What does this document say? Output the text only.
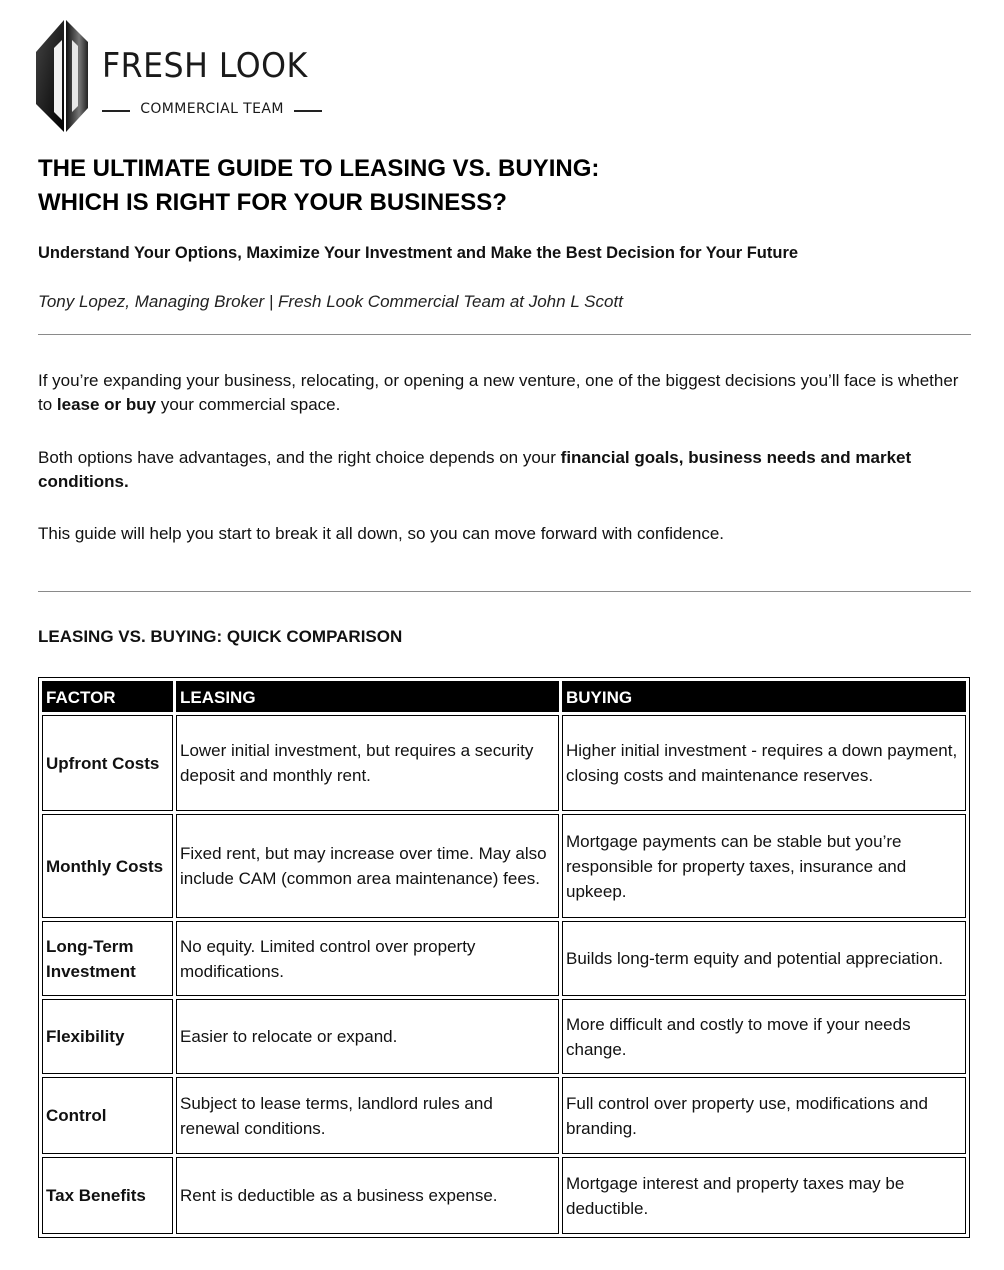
FRESH LOOK
COMMERCIAL TEAM
THE ULTIMATE GUIDE TO LEASING VS. BUYING:
WHICH IS RIGHT FOR YOUR BUSINESS?

Understand Your Options, Maximize Your Investment and Make the Best Decision for Your Future

Tony Lopez, Managing Broker | Fresh Look Commercial Team at John L Scott

If you’re expanding your business, relocating, or opening a new venture, one of the biggest decisions you’ll face is whether to lease or buy your commercial space.

Both options have advantages, and the right choice depends on your financial goals, business needs and market conditions.

This guide will help you start to break it all down, so you can move forward with confidence.

LEASING VS. BUYING: QUICK COMPARISON
FACTOR	LEASING	BUYING
Upfront Costs	Lower initial investment, but requires a security deposit and monthly rent.	Higher initial investment - requires a down payment, closing costs and maintenance reserves.
Monthly Costs	Fixed rent, but may increase over time. May also include CAM (common area maintenance) fees.	Mortgage payments can be stable but you’re responsible for property taxes, insurance and upkeep.
Long-Term Investment	No equity. Limited control over property modifications.	Builds long-term equity and potential appreciation.
Flexibility	Easier to relocate or expand.	More difficult and costly to move if your needs change.
Control	Subject to lease terms, landlord rules and renewal conditions.	Full control over property use, modifications and branding.
Tax Benefits	Rent is deductible as a business expense.	Mortgage interest and property taxes may be deductible.
